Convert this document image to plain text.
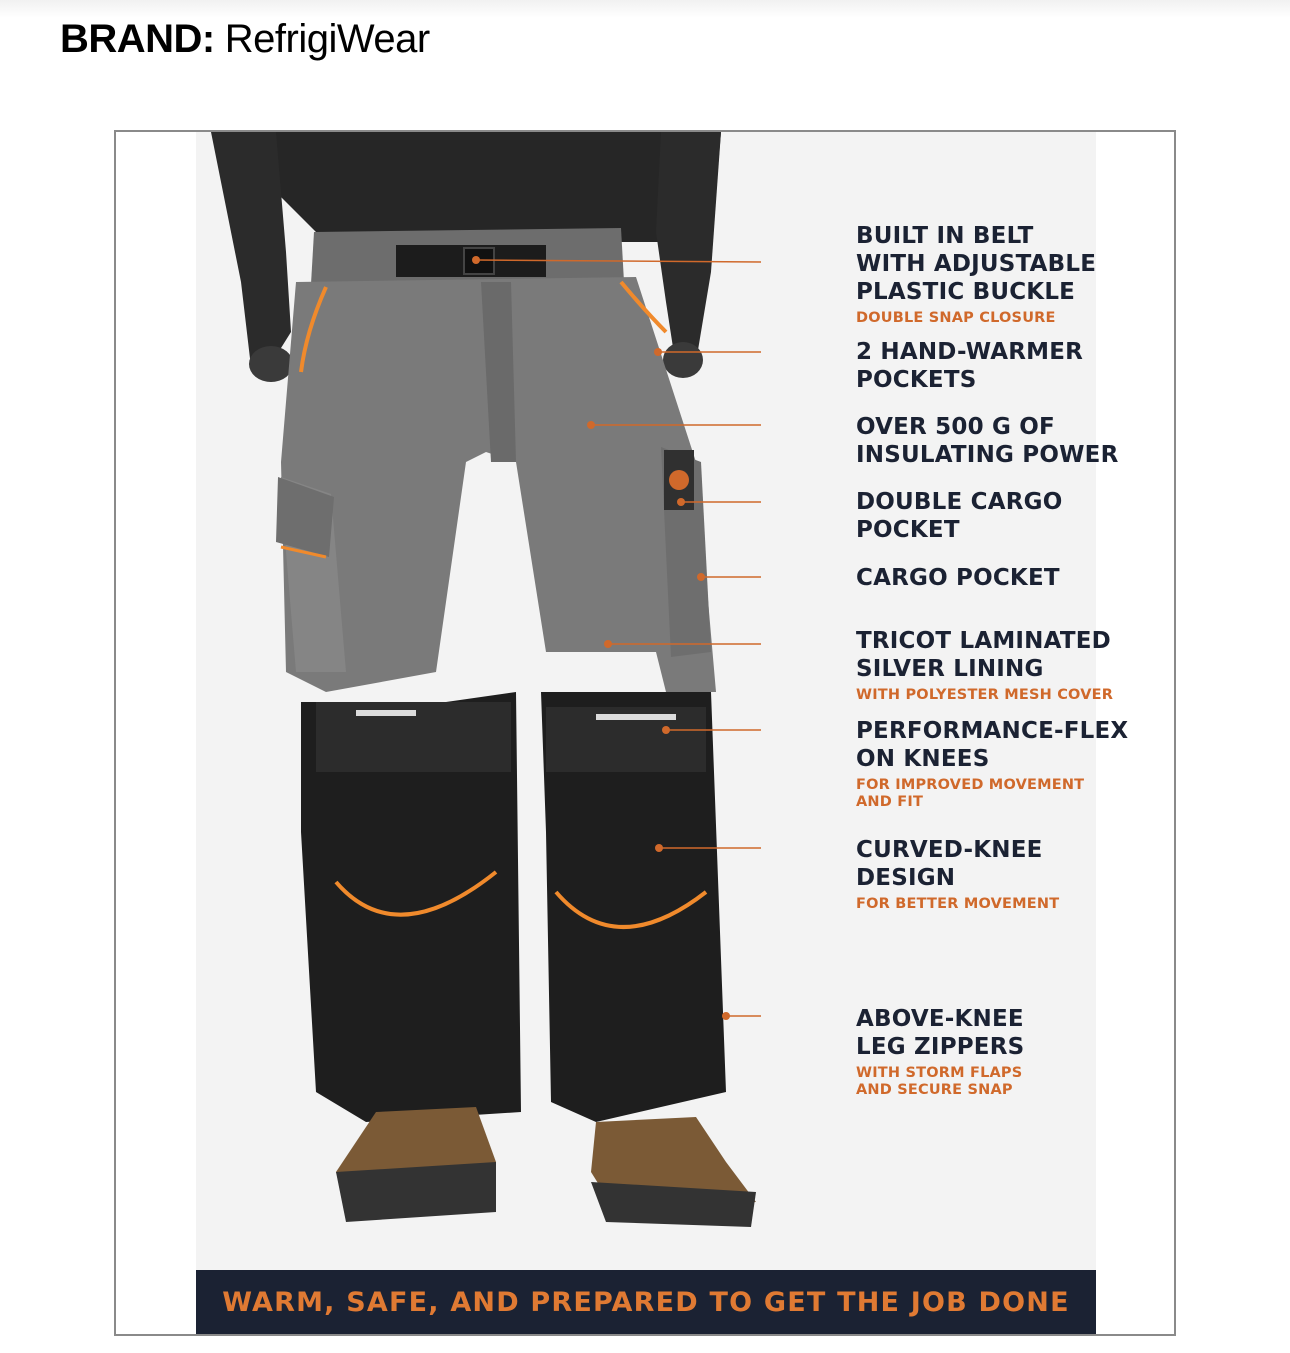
BRAND: RefrigiWear
BUILT IN BELT
WITH ADJUSTABLE
PLASTIC BUCKLE
DOUBLE SNAP CLOSURE
2 HAND-WARMER
POCKETS
OVER 500 G OF
INSULATING POWER
DOUBLE CARGO
POCKET
CARGO POCKET
TRICOT LAMINATED
SILVER LINING
WITH POLYESTER MESH COVER
PERFORMANCE-FLEX
ON KNEES
FOR IMPROVED MOVEMENT
AND FIT
CURVED-KNEE
DESIGN
FOR BETTER MOVEMENT
ABOVE-KNEE
LEG ZIPPERS
WITH STORM FLAPS
AND SECURE SNAP
WARM, SAFE, AND PREPARED TO GET THE JOB DONE
